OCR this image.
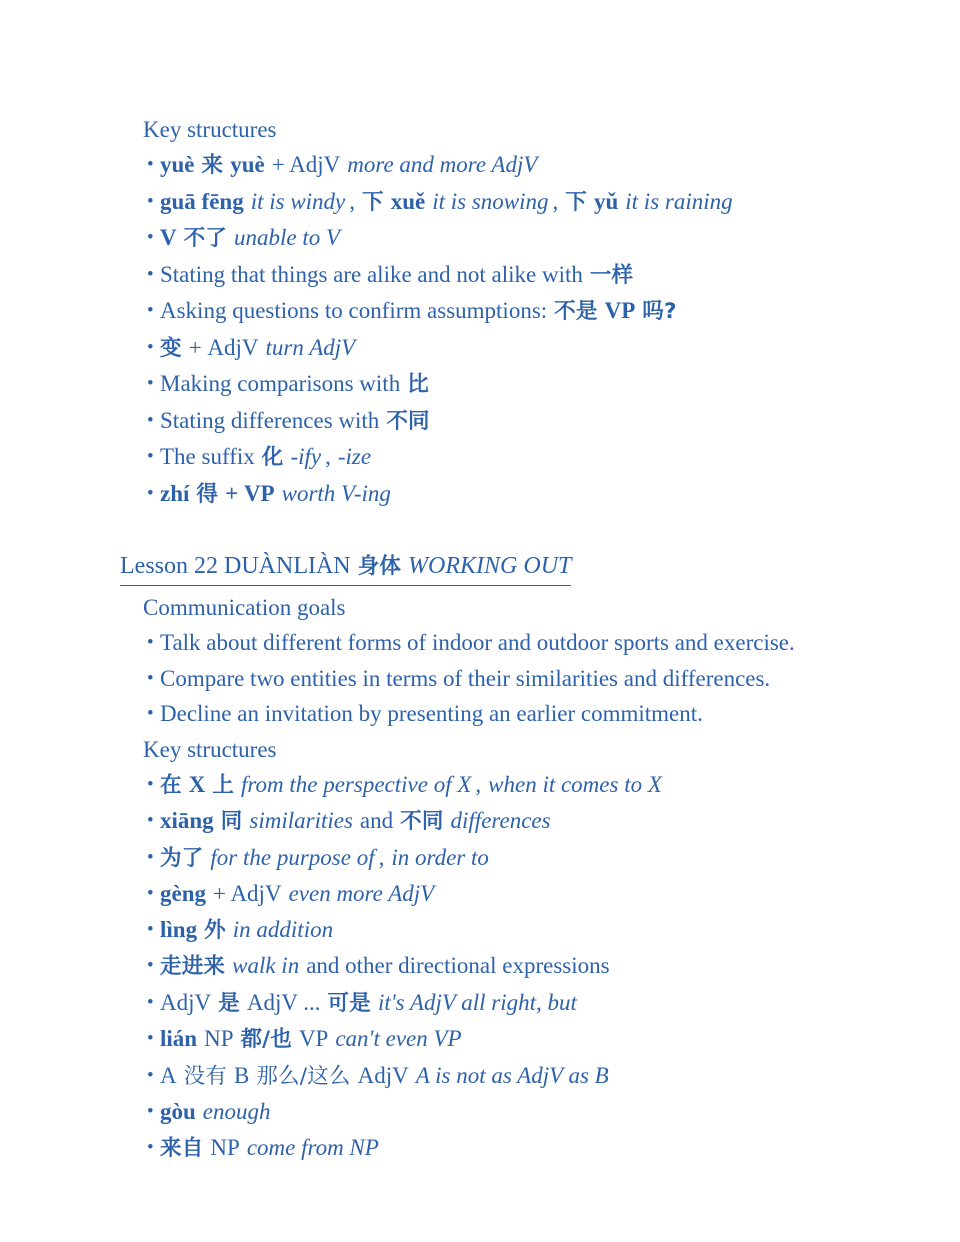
Key structures
• yuè 来 yuè + AdjV more and more AdjV
• guā fēng it is windy , 下 xuě it is snowing , 下 yǔ it is raining
• V 不了 unable to V
• Stating that things are alike and not alike with 一样
• Asking questions to confirm assumptions: 不是 VP 吗?
• 变 + AdjV turn AdjV
• Making comparisons with 比
• Stating differences with 不同
• The suffix 化 -ify , -ize
• zhí 得 + VP worth V-ing
Lesson 22 DUÀNLIÀN 身体 WORKING OUT
Communication goals
• Talk about different forms of indoor and outdoor sports and exercise.
• Compare two entities in terms of their similarities and differences.
• Decline an invitation by presenting an earlier commitment.
Key structures
• 在 X 上 from the perspective of X , when it comes to X
• xiāng 同 similarities and 不同 differences
• 为了 for the purpose of , in order to
• gèng + AdjV even more AdjV
• lìng 外 in addition
• 走进来 walk in and other directional expressions
• AdjV 是 AdjV ... 可是 it's AdjV all right, but
• lián NP 都/也 VP can't even VP
• A 没有 B 那么/这么 AdjV A is not as AdjV as B
• gòu enough
• 来自 NP come from NP
